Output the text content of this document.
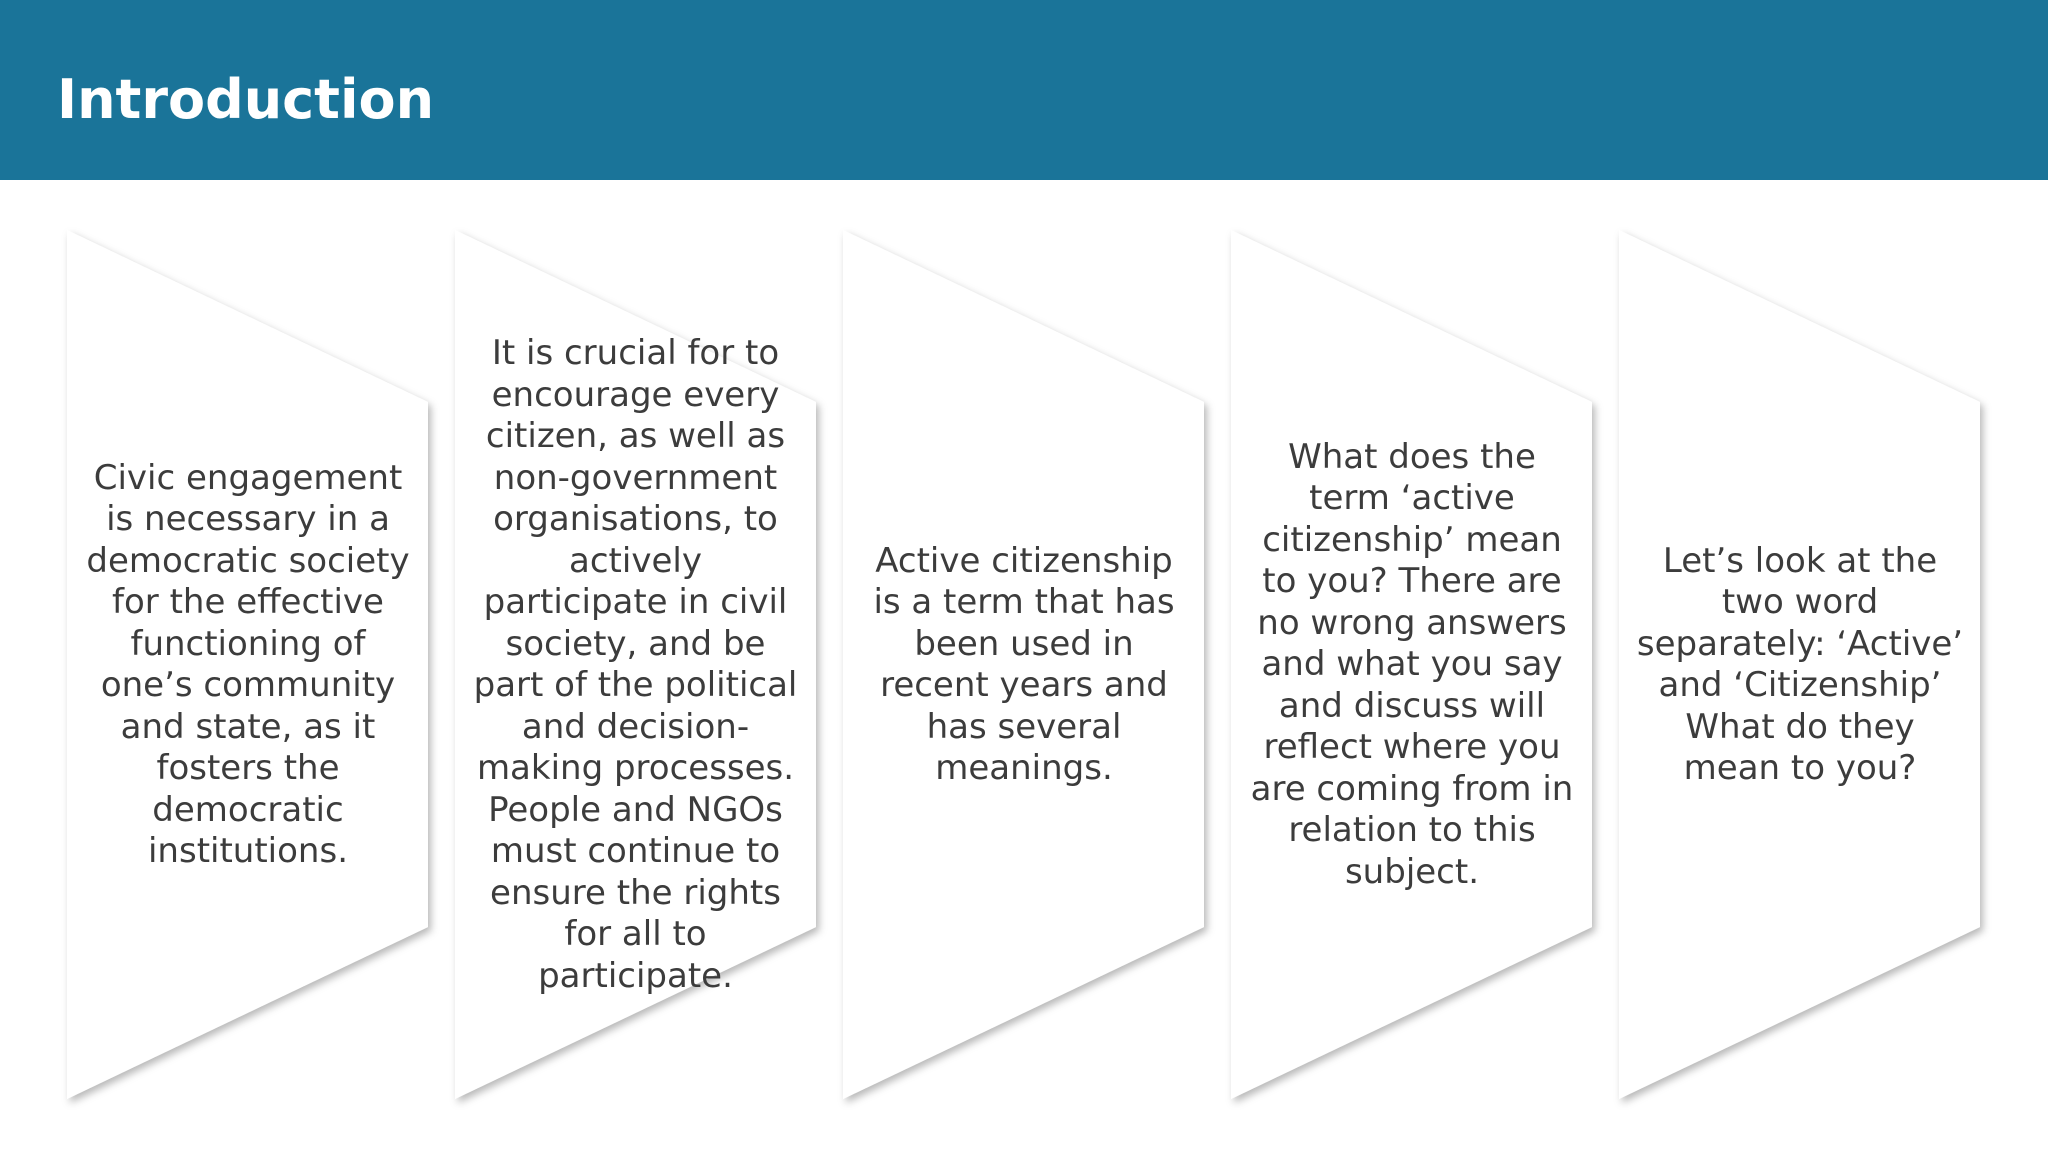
Introduction
Civic engagement is necessary in a democratic society for the effective functioning of one’s community and state, as it fosters the democratic institutions.
It is crucial for to encourage every citizen, as well as non-government organisations, to actively participate in civil society, and be part of the political and decision-making processes. People and NGOs must continue to ensure the rights for all to participate.
Active citizenship is a term that has been used in recent years and has several meanings.
What does the term ‘active citizenship’ mean to you? There are no wrong answers and what you say and discuss will reflect where you are coming from in relation to this subject.
Let’s look at the two word separately: ‘Active’ and ‘Citizenship’ What do they mean to you?
